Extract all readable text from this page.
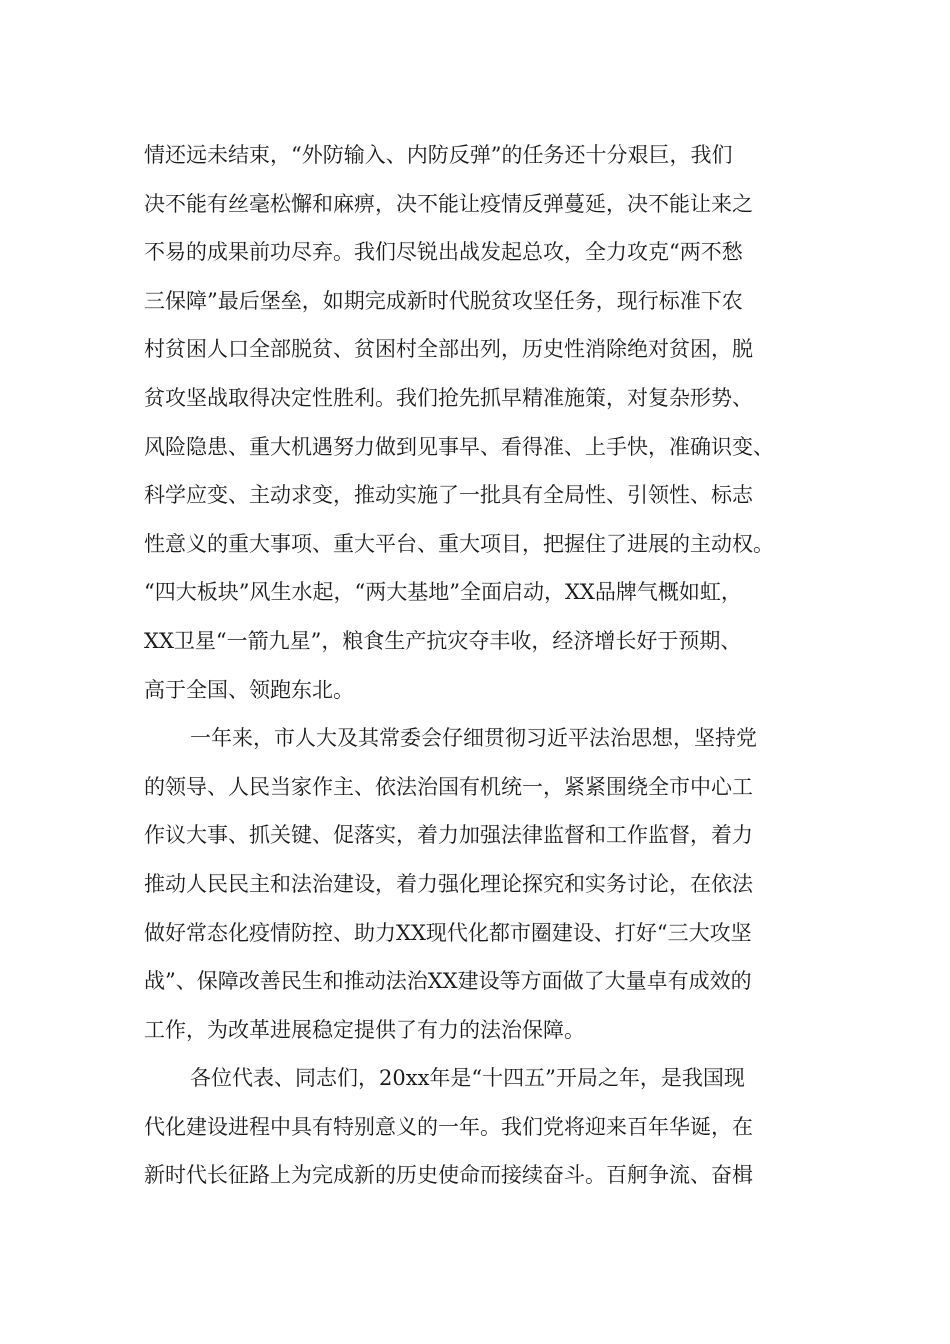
情还远未结束，“外防输入、内防反弹”的任务还十分艰巨，我们
决不能有丝毫松懈和麻痹，决不能让疫情反弹蔓延，决不能让来之
不易的成果前功尽弃。我们尽锐出战发起总攻，全力攻克“两不愁
三保障”最后堡垒，如期完成新时代脱贫攻坚任务，现行标准下农
村贫困人口全部脱贫、贫困村全部出列，历史性消除绝对贫困，脱
贫攻坚战取得决定性胜利。我们抢先抓早精准施策，对复杂形势、
风险隐患、重大机遇努力做到见事早、看得准、上手快，准确识变、
科学应变、主动求变，推动实施了一批具有全局性、引领性、标志
性意义的重大事项、重大平台、重大项目，把握住了进展的主动权。
“四大板块”风生水起，“两大基地”全面启动，XX品牌气概如虹，
XX卫星“一箭九星”，粮食生产抗灾夺丰收，经济增长好于预期、
高于全国、领跑东北。
一年来，市人大及其常委会仔细贯彻习近平法治思想，坚持党
的领导、人民当家作主、依法治国有机统一，紧紧围绕全市中心工
作议大事、抓关键、促落实，着力加强法律监督和工作监督，着力
推动人民民主和法治建设，着力强化理论探究和实务讨论，在依法
做好常态化疫情防控、助力XX现代化都市圈建设、打好“三大攻坚
战”、保障改善民生和推动法治XX建设等方面做了大量卓有成效的
工作，为改革进展稳定提供了有力的法治保障。
各位代表、同志们，20xx年是“十四五”开局之年，是我国现
代化建设进程中具有特别意义的一年。我们党将迎来百年华诞，在
新时代长征路上为完成新的历史使命而接续奋斗。百舸争流、奋楫
